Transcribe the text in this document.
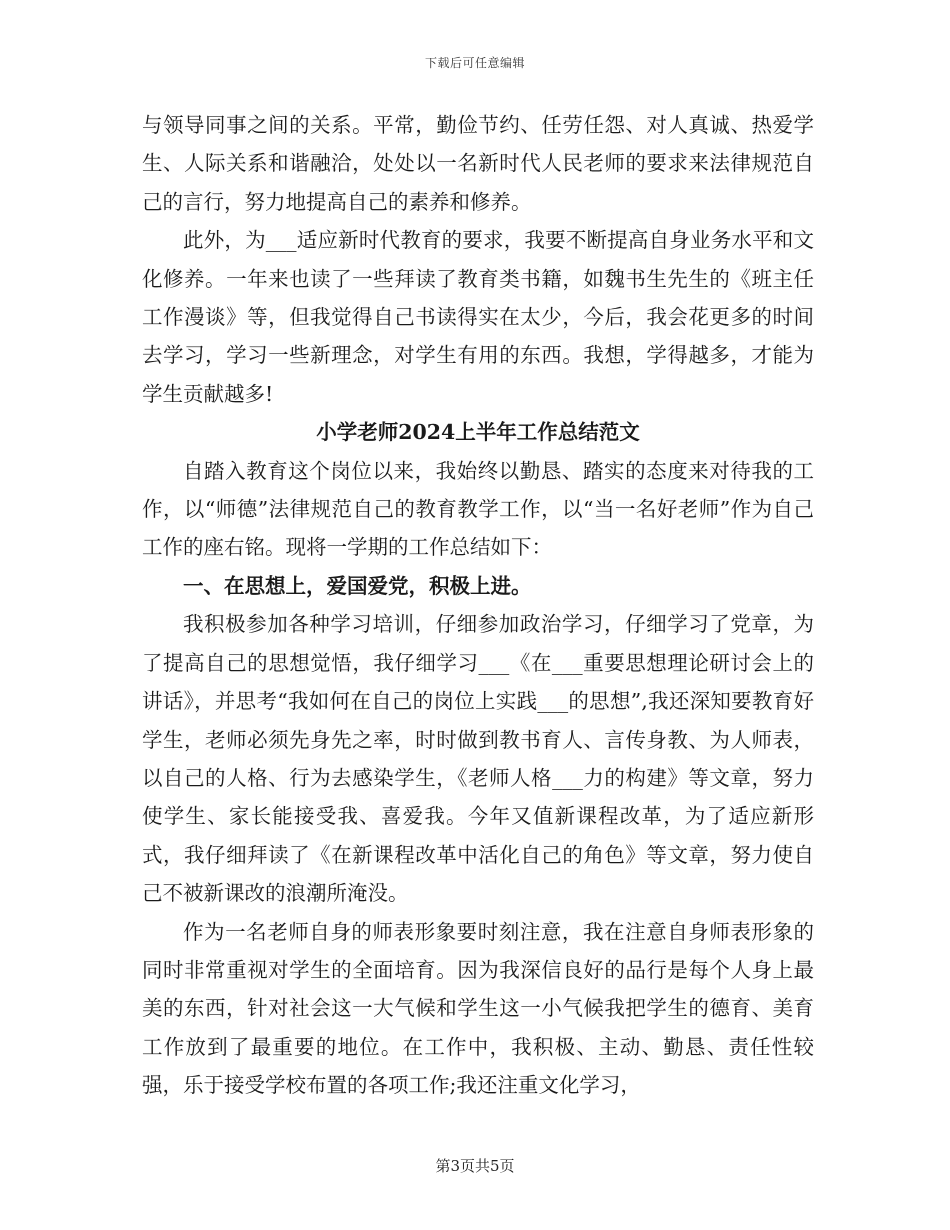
下载后可任意编辑

与领导同事之间的关系。平常，勤俭节约、任劳任怨、对人真诚、热爱学生、人际关系和谐融洽，处处以一名新时代人民老师的要求来法律规范自己的言行，努力地提高自己的素养和修养。

此外，为___适应新时代教育的要求，我要不断提高自身业务水平和文化修养。一年来也读了一些拜读了教育类书籍，如魏书生先生的《班主任工作漫谈》等，但我觉得自己书读得实在太少，今后，我会花更多的时间去学习，学习一些新理念，对学生有用的东西。我想，学得越多，才能为学生贡献越多!

小学老师2024上半年工作总结范文

自踏入教育这个岗位以来，我始终以勤恳、踏实的态度来对待我的工作，以“师德”法律规范自己的教育教学工作，以“当一名好老师”作为自己工作的座右铭。现将一学期的工作总结如下：

一、在思想上，爱国爱党，积极上进。

我积极参加各种学习培训，仔细参加政治学习，仔细学习了党章，为了提高自己的思想觉悟，我仔细学习___《在___重要思想理论研讨会上的讲话》，并思考“我如何在自己的岗位上实践___的思想”,我还深知要教育好学生，老师必须先身先之率，时时做到教书育人、言传身教、为人师表，以自己的人格、行为去感染学生，《老师人格___力的构建》等文章，努力使学生、家长能接受我、喜爱我。今年又值新课程改革，为了适应新形式，我仔细拜读了《在新课程改革中活化自己的角色》等文章，努力使自己不被新课改的浪潮所淹没。

作为一名老师自身的师表形象要时刻注意，我在注意自身师表形象的同时非常重视对学生的全面培育。因为我深信良好的品行是每个人身上最美的东西，针对社会这一大气候和学生这一小气候我把学生的德育、美育工作放到了最重要的地位。在工作中，我积极、主动、勤恳、责任性较强，乐于接受学校布置的各项工作;我还注重文化学习，

第3页共5页
